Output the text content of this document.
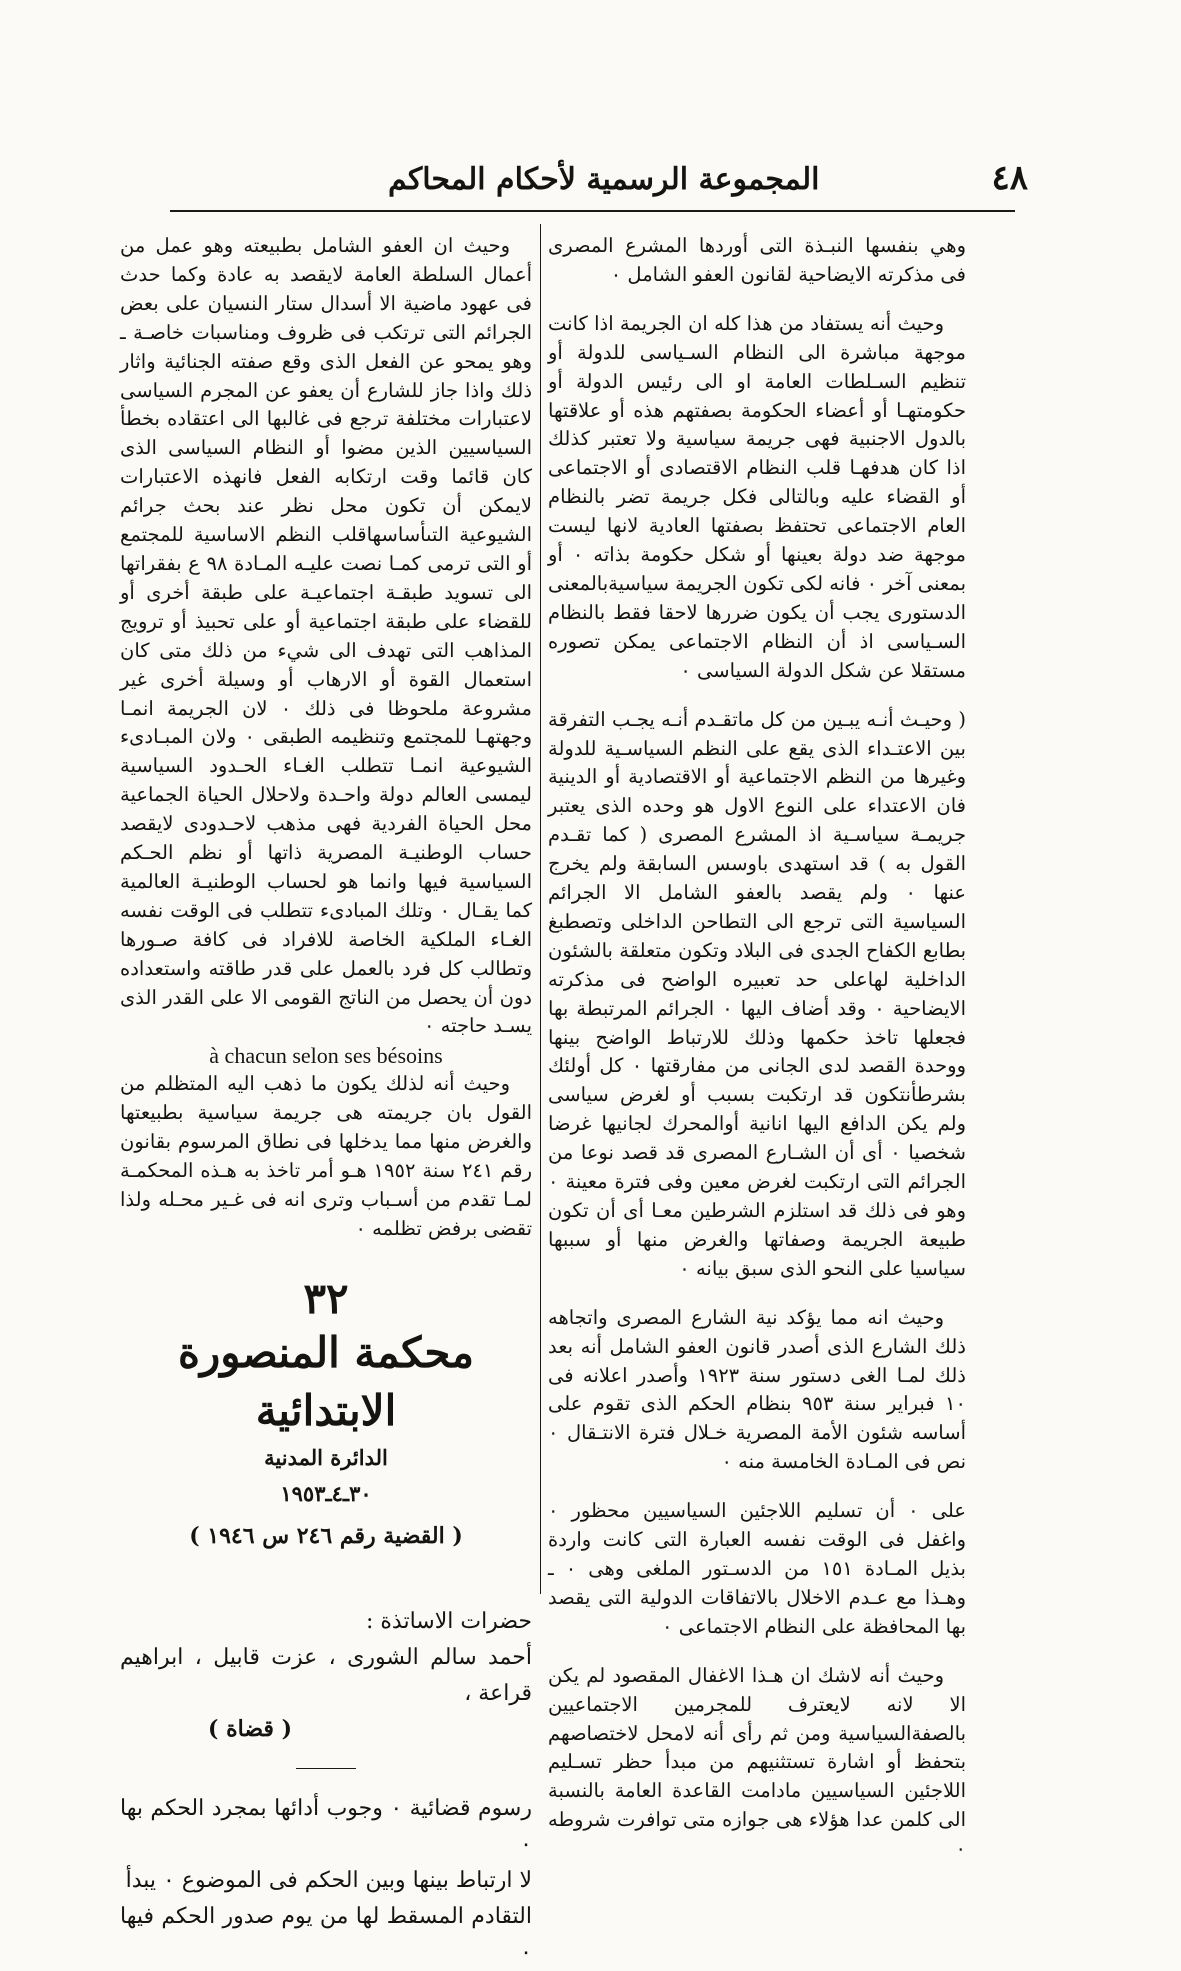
٤٨
المجموعة الرسمية لأحكام المحاكم

وهي بنفسها النبـذة التى أوردها المشرع المصرى فى مذكرته الايضاحية لقانون العفو الشامل ٠

وحيث أنه يستفاد من هذا كله ان الجريمة اذا كانت موجهة مباشرة الى النظام السـياسى للدولة أو تنظيم السـلطات العامة او الى رئيس الدولة أو حكومتهـا أو أعضاء الحكومة بصفتهم هذه أو علاقتها بالدول الاجنبية فهى جريمة سياسية ولا تعتبر كذلك اذا كان هدفهـا قلب النظام الاقتصادى أو الاجتماعى أو القضاء عليه وبالتالى فكل جريمة تضر بالنظام العام الاجتماعى تحتفظ بصفتها العادية لانها ليست موجهة ضد دولة بعينها أو شكل حكومة بذاته ٠ أو بمعنى آخر ٠ فانه لكى تكون الجريمة سياسيةبالمعنى الدستورى يجب أن يكون ضررها لاحقا فقط بالنظام السـياسى اذ أن النظام الاجتماعى يمكن تصوره مستقلا عن شكل الدولة السياسى ٠

( وحيـث أنـه يبـين من كل ماتقـدم أنـه يجـب التفرقة بين الاعتـداء الذى يقع على النظم السياسـية للدولة وغيرها من النظم الاجتماعية أو الاقتصادية أو الدينية فان الاعتداء على النوع الاول هو وحده الذى يعتبر جريمـة سياسـية اذ المشرع المصرى ( كما تقـدم القول به ) قد استهدى باوسس السابقة ولم يخرج عنها ٠ ولم يقصد بالعفو الشامل الا الجرائم السياسية التى ترجع الى التطاحن الداخلى وتصطبغ بطابع الكفاح الجدى فى البلاد وتكون متعلقة بالشئون الداخلية لهاعلى حد تعبيره الواضح فى مذكرته الايضاحية ٠ وقد أضاف اليها ٠ الجرائم المرتبطة بها فجعلها تاخذ حكمها وذلك للارتباط الواضح بينها ووحدة القصد لدى الجانى من مفارقتها ٠ كل أولئك بشرطأنتكون قد ارتكبت بسبب أو لغرض سياسى ولم يكن الدافع اليها انانية أوالمحرك لجانيها غرضا شخصيا ٠ أى أن الشـارع المصرى قد قصد نوعا من الجرائم التى ارتكبت لغرض معين وفى فترة معينة ٠ وهو فى ذلك قد استلزم الشرطين معـا أى أن تكون طبيعة الجريمة وصفاتها والغرض منها أو سببها سياسيا على النحو الذى سبق بيانه ٠

وحيث انه مما يؤكد نية الشارع المصرى واتجاهه ذلك الشارع الذى أصدر قانون العفو الشامل أنه بعد ذلك لمـا الغى دستور سنة ١٩٢٣ وأصدر اعلانه فى ١٠ فبراير سنة ٩٥٣ بنظام الحكم الذى تقوم على أساسه شئون الأمة المصرية خـلال فترة الانتـقال ٠ نص فى المـادة الخامسة منه ٠

على ٠ أن تسليم اللاجئين السياسيين محظور ٠ واغفل فى الوقت نفسه العبارة التى كانت واردة بذيل المـادة ١٥١ من الدسـتور الملغى وهى ٠ ـ وهـذا مع عـدم الاخلال بالاتفاقات الدولية التى يقصد بها المحافظة على النظام الاجتماعى ٠

وحيث أنه لاشك ان هـذا الاغفال المقصود لم يكن الا لانه لايعترف للمجرمين الاجتماعيين بالصفةالسياسية ومن ثم رأى أنه لامحل لاختصاصهم بتحفظ أو اشارة تستثنيهم من مبدأ حظر تسـليم اللاجئين السياسيين مادامت القاعدة العامة بالنسبة الى كلمن عدا هؤلاء هى جوازه متى توافرت شروطه ٠

وحيث ان العفو الشامل بطبيعته وهو عمل من أعمال السلطة العامة لايقصد به عادة وكما حدث فى عهود ماضية الا أسدال ستار النسيان على بعض الجرائم التى ترتكب فى ظروف ومناسبات خاصـة ـ وهو يمحو عن الفعل الذى وقع صفته الجنائية واثار ذلك واذا جاز للشارع أن يعفو عن المجرم السياسى لاعتبارات مختلفة ترجع فى غالبها الى اعتقاده بخطأ السياسيين الذين مضوا أو النظام السياسى الذى كان قائما وقت ارتكابه الفعل فانهذه الاعتبارات لايمكن أن تكون محل نظر عند بحث جرائم الشيوعية التىأساسهاقلب النظم الاساسية للمجتمع أو التى ترمى كمـا نصت عليـه المـادة ٩٨ ع بفقراتها الى تسويد طبقـة اجتماعيـة على طبقة أخرى أو للقضاء على طبقة اجتماعية أو على تحبيذ أو ترويج المذاهب التى تهدف الى شيء من ذلك متى كان استعمال القوة أو الارهاب أو وسيلة أخرى غير مشروعة ملحوظا فى ذلك ٠ لان الجريمة انمـا وجهتهـا للمجتمع وتنظيمه الطبقى ٠ ولان المبـادىء الشيوعية انمـا تتطلب الغـاء الحـدود السياسية ليمسى العالم دولة واحـدة ولاحلال الحياة الجماعية محل الحياة الفردية فهى مذهب لاحـدودى لايقصد حساب الوطنيـة المصرية ذاتها أو نظم الحـكم السياسية فيها وانما هو لحساب الوطنيـة العالمية كما يقـال ٠ وتلك المبادىء تتطلب فى الوقت نفسه الغـاء الملكية الخاصة للافراد فى كافة صـورها وتطالب كل فرد بالعمل على قدر طاقته واستعداده دون أن يحصل من الناتج القومى الا على القدر الذى يسـد حاجته ٠

à chacun selon ses bésoins

وحيث أنه لذلك يكون ما ذهب اليه المتظلم من القول بان جريمته هى جريمة سياسية بطبيعتها والغرض منها مما يدخلها فى نطاق المرسوم بقانون رقم ٢٤١ سنة ١٩٥٢ هـو أمر تاخذ به هـذه المحكمـة لمـا تقدم من أسـباب وترى انه فى غـير محـله ولذا تقضى برفض تظلمه ٠

٣٢
محكمة المنصورة الابتدائية
الدائرة المدنية
٣٠ـ٤ـ١٩٥٣
( القضية رقم ٢٤٦ س ١٩٤٦ )
حضرات الاساتذة :
أحمد سالم الشورى ، عزت قابيل ، ابراهيم قراعة ،
( قضاة )

رسوم قضائية ٠ وجوب أدائها بمجرد الحكم بها ٠

لا ارتباط بينها وبين الحكم فى الموضوع ٠ يبدأ

التقادم المسقط لها من يوم صدور الحكم فيها ٠
